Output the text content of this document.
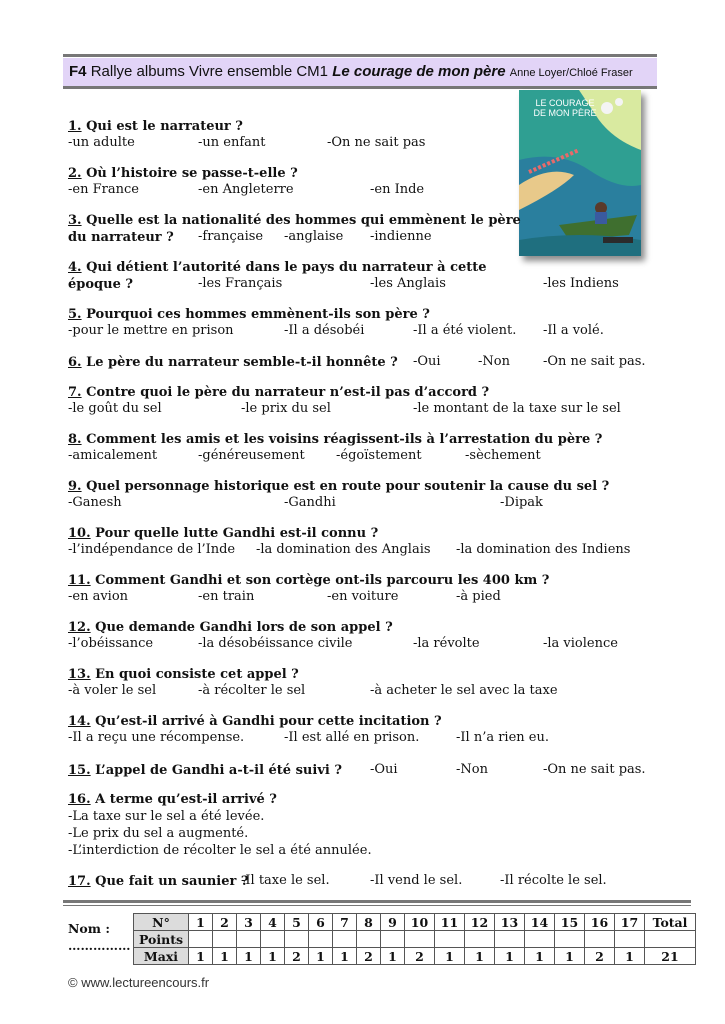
F4 Rallye albums Vivre ensemble CM1 Le courage de mon père Anne Loyer/Chloé Fraser
LE COURAGE
DE MON PÈRE
1. Qui est le narrateur ?
-un adulte	-un enfant	-On ne sait pas
2. Où l’histoire se passe-t-elle ?
-en France	-en Angleterre	-en Inde
3. Quelle est la nationalité des hommes qui emmènent le père
du narrateur ?	-française -anglaise -indienne
4. Qui détient l’autorité dans le pays du narrateur à cette
époque ?	-les Français	-les Anglais	-les Indiens
5. Pourquoi ces hommes emmènent-ils son père ?
-pour le mettre en prison	-Il a désobéi	-Il a été violent. -Il a volé.
6. Le père du narrateur semble-t-il honnête ? -Oui	-Non	-On ne sait pas.
7. Contre quoi le père du narrateur n’est-il pas d’accord ?
-le goût du sel	-le prix du sel	-le montant de la taxe sur le sel
8. Comment les amis et les voisins réagissent-ils à l’arrestation du père ?
-amicalement	-généreusement -égoïstement	-sèchement
9. Quel personnage historique est en route pour soutenir la cause du sel ?
-Ganesh	-Gandhi	-Dipak
10. Pour quelle lutte Gandhi est-il connu ?
-l’indépendance de l’Inde -la domination des Anglais -la domination des Indiens
11. Comment Gandhi et son cortège ont-ils parcouru les 400 km ?
-en avion	-en train	-en voiture	-à pied
12. Que demande Gandhi lors de son appel ?
-l’obéissance	-la désobéissance civile	-la révolte	-la violence
13. En quoi consiste cet appel ?
-à voler le sel	-à récolter le sel	-à acheter le sel avec la taxe
14. Qu’est-il arrivé à Gandhi pour cette incitation ?
-Il a reçu une récompense.	-Il est allé en prison.	-Il n’a rien eu.
15. L’appel de Gandhi a-t-il été suivi ? -Oui	-Non	-On ne sait pas.
16. A terme qu’est-il arrivé ?
-La taxe sur le sel a été levée.
-Le prix du sel a augmenté.
-L’interdiction de récolter le sel a été annulée.
17. Que fait un saunier ?
-Il taxe le sel.	-Il vend le sel.	-Il récolte le sel.
Nom :
……………
N°	1	2	3	4	5	6	7	8	9	10	11	12	13	14	15	16	17	Total
Points																		
Maxi	1	1	1	1	2	1	1	2	1	2	1	1	1	1	1	2	1	21
© www.lectureencours.fr
